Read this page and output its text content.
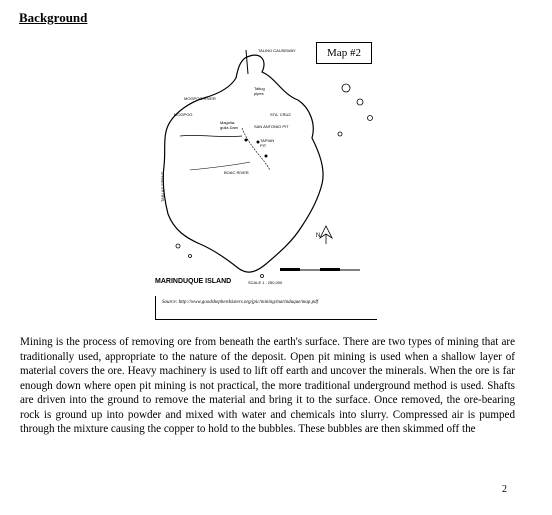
Background
Map #2
TALING CAUSEWAY
MOGPOG RIVER
MOGPOG
Maguila-guila Dam
Taltug pipes
STA. CRUZ
SAN ANTONIO PIT
TAPIAN PIT
BOAC RIVER
TABLAS STRAIT
N
MARINDUQUE ISLAND	SCALE 1 : 250,000
Source: http://www.goodshepherdsisters.org/jpic/mining/marinduque/map.pdf
Mining is the process of removing ore from beneath the earth's surface. There are two types of mining that are traditionally used, appropriate to the nature of the deposit. Open pit mining is used when a shallow layer of material covers the ore. Heavy machinery is used to lift off earth and uncover the minerals. When the ore is far enough down where open pit mining is not practical, the more traditional underground method is used. Shafts are driven into the ground to remove the material and bring it to the surface. Once removed, the ore-bearing rock is ground up into powder and mixed with water and chemicals into slurry. Compressed air is pumped through the mixture causing the copper to hold to the bubbles. These bubbles are then skimmed off the
2
